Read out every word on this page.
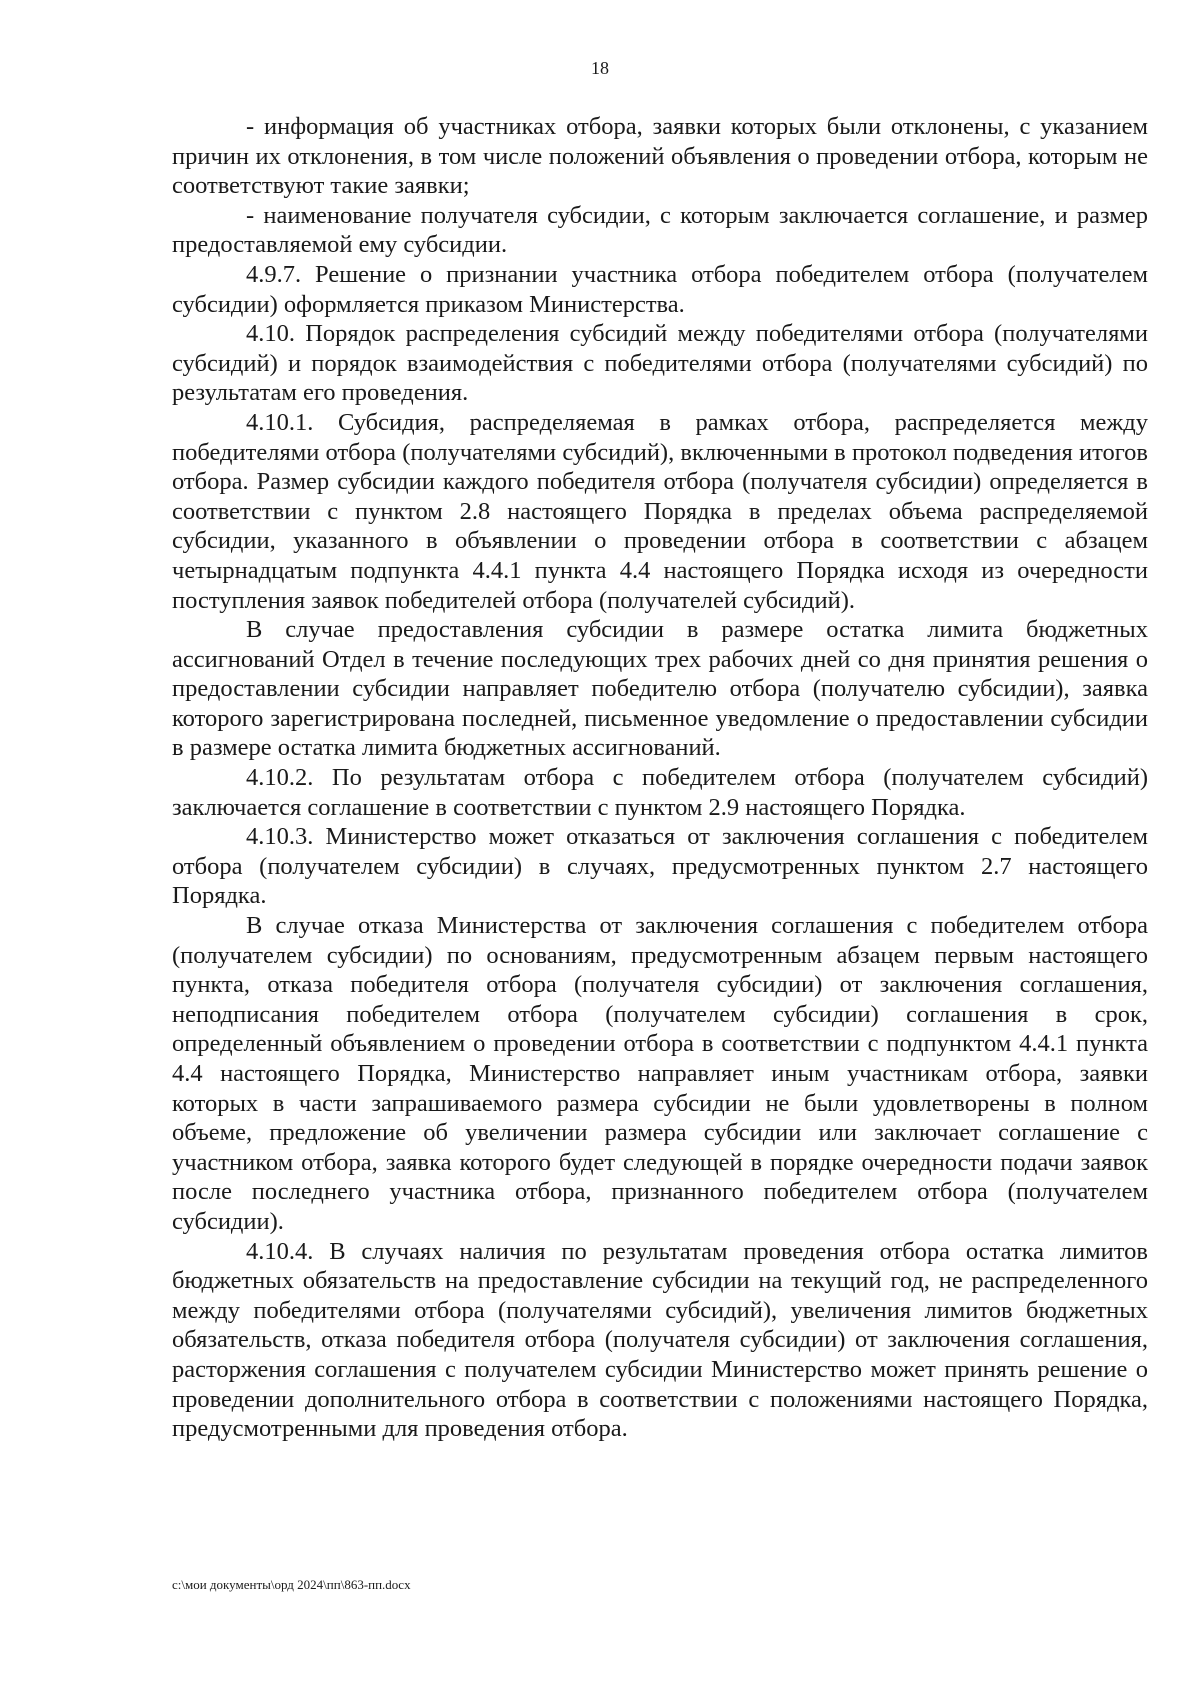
18

- информация об участниках отбора, заявки которых были отклонены, с указанием причин их отклонения, в том числе положений объявления о проведении отбора, которым не соответствуют такие заявки;

- наименование получателя субсидии, с которым заключается соглашение, и размер предоставляемой ему субсидии.

4.9.7. Решение о признании участника отбора победителем отбора (получателем субсидии) оформляется приказом Министерства.

4.10. Порядок распределения субсидий между победителями отбора (получателями субсидий) и порядок взаимодействия с победителями отбора (получателями субсидий) по результатам его проведения.

4.10.1. Субсидия, распределяемая в рамках отбора, распределяется между победителями отбора (получателями субсидий), включенными в протокол подведения итогов отбора. Размер субсидии каждого победителя отбора (получателя субсидии) определяется в соответствии с пунктом 2.8 настоящего Порядка в пределах объема распределяемой субсидии, указанного в объявлении о проведении отбора в соответствии с абзацем четырнадцатым подпункта 4.4.1 пункта 4.4 настоящего Порядка исходя из очередности поступления заявок победителей отбора (получателей субсидий).

В случае предоставления субсидии в размере остатка лимита бюджетных ассигнований Отдел в течение последующих трех рабочих дней со дня принятия решения о предоставлении субсидии направляет победителю отбора (получателю субсидии), заявка которого зарегистрирована последней, письменное уведомление о предоставлении субсидии в размере остатка лимита бюджетных ассигнований.

4.10.2. По результатам отбора с победителем отбора (получателем субсидий) заключается соглашение в соответствии с пунктом 2.9 настоящего Порядка.

4.10.3. Министерство может отказаться от заключения соглашения с победителем отбора (получателем субсидии) в случаях, предусмотренных пунктом 2.7 настоящего Порядка.

В случае отказа Министерства от заключения соглашения с победителем отбора (получателем субсидии) по основаниям, предусмотренным абзацем первым настоящего пункта, отказа победителя отбора (получателя субсидии) от заключения соглашения, неподписания победителем отбора (получателем субсидии) соглашения в срок, определенный объявлением о проведении отбора в соответствии с подпунктом 4.4.1 пункта 4.4 настоящего Порядка, Министерство направляет иным участникам отбора, заявки которых в части запрашиваемого размера субсидии не были удовлетворены в полном объеме, предложение об увеличении размера субсидии или заключает соглашение с участником отбора, заявка которого будет следующей в порядке очередности подачи заявок после последнего участника отбора, признанного победителем отбора (получателем субсидии).

4.10.4. В случаях наличия по результатам проведения отбора остатка лимитов бюджетных обязательств на предоставление субсидии на текущий год, не распределенного между победителями отбора (получателями субсидий), увеличения лимитов бюджетных обязательств, отказа победителя отбора (получателя субсидии) от заключения соглашения, расторжения соглашения с получателем субсидии Министерство может принять решение о проведении дополнительного отбора в соответствии с положениями настоящего Порядка, предусмотренными для проведения отбора.

c:\мои документы\орд 2024\пп\863-пп.docx
